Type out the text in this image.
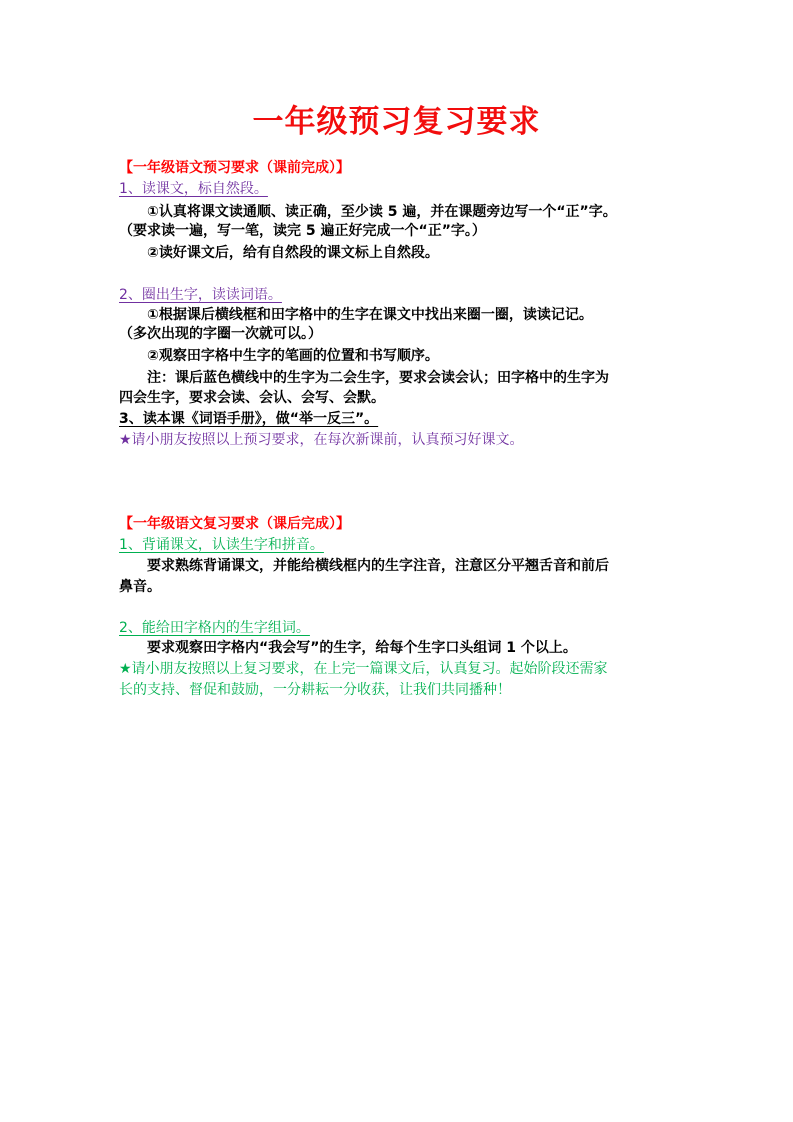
一年级预习复习要求
【一年级语文预习要求（课前完成）】
1、读课文，标自然段。
①认真将课文读通顺、读正确，至少读 5 遍，并在课题旁边写一个“正”字。
（要求读一遍，写一笔，读完 5 遍正好完成一个“正”字。）
②读好课文后，给有自然段的课文标上自然段。
2、圈出生字，读读词语。
①根据课后横线框和田字格中的生字在课文中找出来圈一圈，读读记记。
（多次出现的字圈一次就可以。）
②观察田字格中生字的笔画的位置和书写顺序。
注：课后蓝色横线中的生字为二会生字，要求会读会认；田字格中的生字为
四会生字，要求会读、会认、会写、会默。
3、读本课《词语手册》，做“举一反三”。
★请小朋友按照以上预习要求，在每次新课前，认真预习好课文。
【一年级语文复习要求（课后完成）】
1、背诵课文，认读生字和拼音。
要求熟练背诵课文，并能给横线框内的生字注音，注意区分平翘舌音和前后
鼻音。
2、能给田字格内的生字组词。
要求观察田字格内“我会写”的生字，给每个生字口头组词 1 个以上。
★请小朋友按照以上复习要求，在上完一篇课文后，认真复习。起始阶段还需家
长的支持、督促和鼓励，一分耕耘一分收获，让我们共同播种！
